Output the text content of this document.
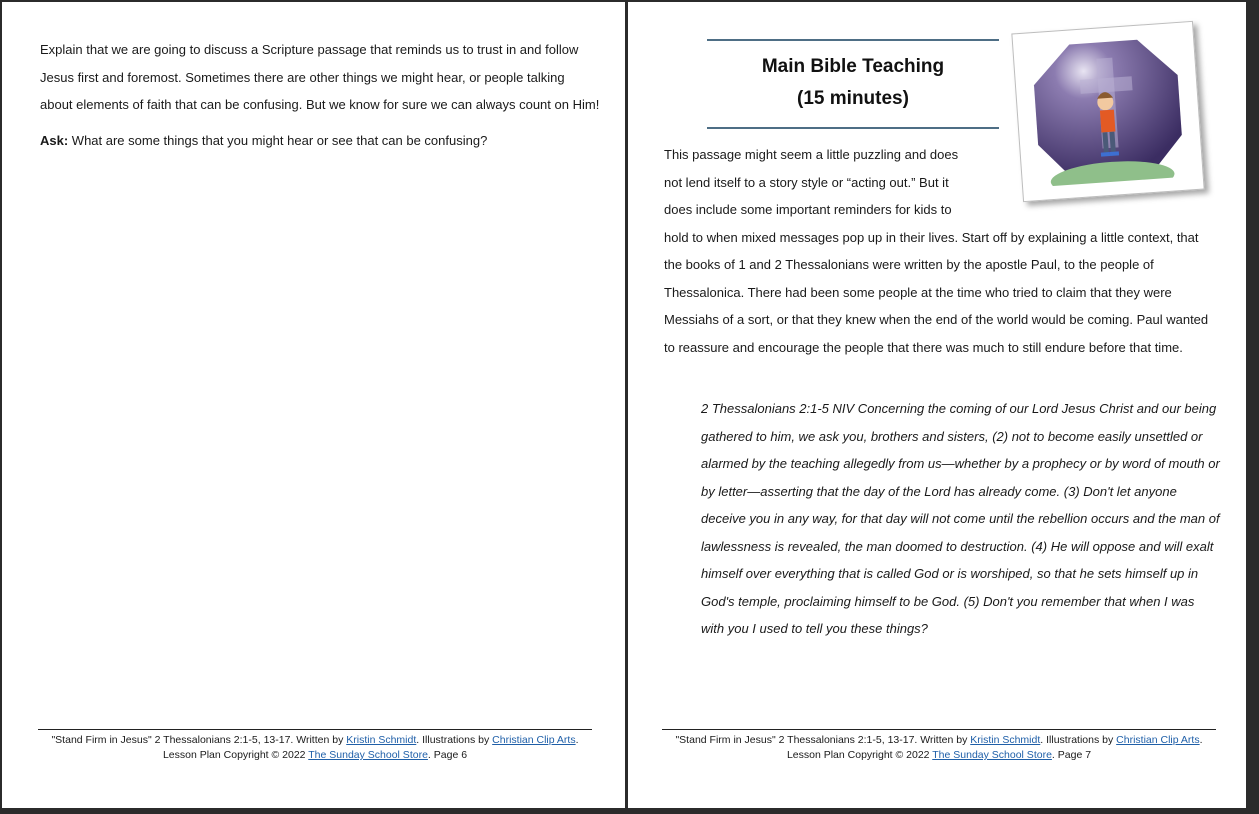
Explain that we are going to discuss a Scripture passage that reminds us to trust in and follow Jesus first and foremost. Sometimes there are other things we might hear, or people talking about elements of faith that can be confusing. But we know for sure we can always count on Him!

Ask: What are some things that you might hear or see that can be confusing?

"Stand Firm in Jesus" 2 Thessalonians 2:1-5, 13-17. Written by Kristin Schmidt. Illustrations by Christian Clip Arts. Lesson Plan Copyright © 2022 The Sunday School Store. Page 6
Main Bible Teaching
(15 minutes)

This passage might seem a little puzzling and does

not lend itself to a story style or “acting out.” But it

does include some important reminders for kids to

hold to when mixed messages pop up in their lives. Start off by explaining a little context, that the books of 1 and 2 Thessalonians were written by the apostle Paul, to the people of Thessalonica. There had been some people at the time who tried to claim that they were Messiahs of a sort, or that they knew when the end of the world would be coming. Paul wanted to reassure and encourage the people that there was much to still endure before that time.

2 Thessalonians 2:1-5 NIV Concerning the coming of our Lord Jesus Christ and our being gathered to him, we ask you, brothers and sisters, (2) not to become easily unsettled or alarmed by the teaching allegedly from us—whether by a prophecy or by word of mouth or by letter—asserting that the day of the Lord has already come. (3) Don't let anyone deceive you in any way, for that day will not come until the rebellion occurs and the man of lawlessness is revealed, the man doomed to destruction. (4) He will oppose and will exalt himself over everything that is called God or is worshiped, so that he sets himself up in God's temple, proclaiming himself to be God. (5) Don't you remember that when I was with you I used to tell you these things?

"Stand Firm in Jesus" 2 Thessalonians 2:1-5, 13-17. Written by Kristin Schmidt. Illustrations by Christian Clip Arts. Lesson Plan Copyright © 2022 The Sunday School Store. Page 7
